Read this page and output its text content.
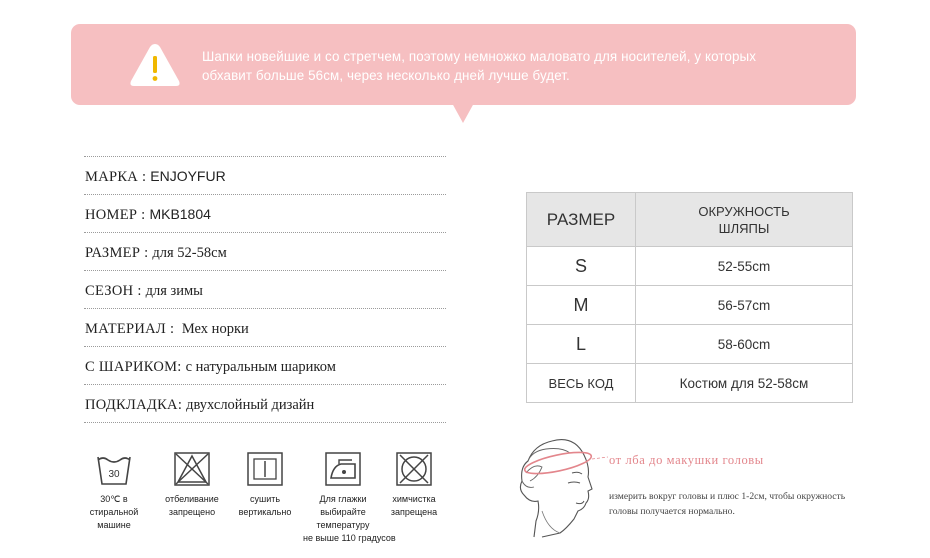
Шапки новейшие и со стретчем, поэтому немножко маловато для носителей, у которых
обхавит больше 56см, через несколько дней лучше будет.
МАРКА : ENJOYFUR
НОМЕР : MKB1804
РАЗМЕР : для 52-58см
СЕЗОН : для зимы
МАТЕРИАЛ :  Мех норки
С ШАРИКОМ: с натуральным шариком
ПОДКЛАДКА: двухслойный дизайн
РАЗМЕР	ОКРУЖНОСТЬ
ШЛЯПЫ
S	52-55cm
M	56-57cm
L	58-60cm
ВЕСЬ КОД	Костюм для 52-58см
30
30℃ в стиральной
машине
отбеливание
запрещено
сушить
вертикально
Для глажки
выбирайте
температуру
не выше 110 градусов
химчистка
запрещена
от лба до макушки головы
измерить вокруг головы и плюс 1-2см, чтобы окружность
головы получается нормально.
